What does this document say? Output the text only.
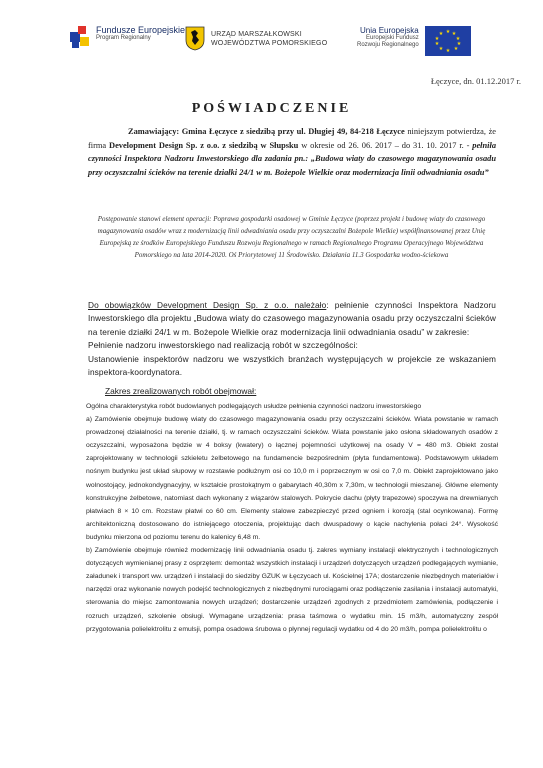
Fundusze Europejskie
Program Regionalny
URZĄD MARSZAŁKOWSKI
WOJEWÓDZTWA POMORSKIEGO
Unia Europejska
Europejski Fundusz
Rozwoju Regionalnego
★ ★
★
★
★
★
★
★
★
★
Łęczyce, dn. 01.12.2017 r.
POŚWIADCZENIE
Zamawiający: Gmina Łęczyce z siedzibą przy ul. Długiej 49, 84-218 Łęczyce niniejszym potwierdza, że firma Development Design Sp. z o.o. z siedzibą w Słupsku w okresie od 26. 06. 2017 – do 31. 10. 2017 r. - pełniła czynności Inspektora Nadzoru Inwestorskiego dla zadania pn.: „Budowa wiaty do czasowego magazynowania osadu przy oczyszczalni ścieków na terenie działki 24/1 w m. Bożepole Wielkie oraz modernizacja linii odwadniania osadu”
Postępowanie stanowi element operacji: Poprawa gospodarki osadowej w Gminie Łęczyce (poprzez projekt i budowę wiaty do czasowego magazynowania osadów wraz z modernizacją linii odwadniania osadu przy oczyszczalni Bożepole Wielkie) współfinansowanej przez Unię Europejską ze środków Europejskiego Funduszu Rozwoju Regionalnego w ramach Regionalnego Programu Operacyjnego Województwa Pomorskiego na lata 2014-2020. Oś Priorytetowej 11 Środowisko. Działania 11.3 Gospodarka wodno-ściekowa
Do obowiązków Development Design Sp. z o.o. należało: pełnienie czynności Inspektora Nadzoru Inwestorskiego dla projektu „Budowa wiaty do czasowego magazynowania osadu przy oczyszczalni ścieków na terenie działki 24/1 w m. Bożepole Wielkie oraz modernizacja linii odwadniania osadu” w zakresie:
Pełnienie nadzoru inwestorskiego nad realizacją robót w szczególności:
Ustanowienie inspektorów nadzoru we wszystkich branżach występujących w projekcie ze wskazaniem inspektora-koordynatora.
Zakres zrealizowanych robót obejmował:

Ogólna charakterystyka robót budowlanych podlegających usłudze pełnienia czynności nadzoru inwestorskiego

a) Zamówienie obejmuje budowę wiaty do czasowego magazynowania osadu przy oczyszczalni ścieków. Wiata powstanie w ramach prowadzonej działalności na terenie działki, tj. w ramach oczyszczalni ścieków. Wiata powstanie jako osłona składowanych osadów z oczyszczalni, wyposażona będzie w 4 boksy (kwatery) o łącznej pojemności użytkowej na osady V = 480 m3. Obiekt został zaprojektowany w technologii szkieletu żelbetowego na fundamencie bezpośrednim (płyta fundamentowa). Podstawowym układem nośnym budynku jest układ słupowy w rozstawie podłużnym osi co 10,0 m i poprzecznym w osi co 7,0 m. Obiekt zaprojektowano jako wolnostojący, jednokondygnacyjny, w kształcie prostokątnym o gabarytach 40,30m x 7,30m, w technologii mieszanej. Główne elementy konstrukcyjne żelbetowe, natomiast dach wykonany z wiązarów stalowych. Pokrycie dachu (płyty trapezowe) spoczywa na drewnianych płatwiach 8 × 10 cm. Rozstaw płatwi co 60 cm. Elementy stalowe zabezpieczyć przed ogniem i korozją (stal ocynkowana). Formę architektoniczną dostosowano do istniejącego otoczenia, projektując dach dwuspadowy o kącie nachylenia połaci 24°. Wysokość budynku mierzona od poziomu terenu do kalenicy 6,48 m.

b) Zamówienie obejmuje również modernizację linii odwadniania osadu tj. zakres wymiany instalacji elektrycznych i technologicznych dotyczących wymienianej prasy z osprzętem: demontaż wszystkich instalacji i urządzeń dotyczących urządzeń podlegających wymianie, załadunek i transport ww. urządzeń i instalacji do siedziby GZUK w Łęczycach ul. Kościelnej 17A; dostarczenie niezbędnych materiałów i narzędzi oraz wykonanie nowych podejść technologicznych z niezbędnymi rurociągami oraz podłączenie zasilania i instalacji automatyki, sterowania do miejsc zamontowania nowych urządzeń; dostarczenie urządzeń zgodnych z przedmiotem zamówienia, podłączenie i rozruch urządzeń, szkolenie obsługi. Wymagane urządzenia: prasa taśmowa o wydatku min. 15 m3/h, automatyczny zespół przygotowania polielektrolitu z emulsji, pompa osadowa śrubowa o płynnej regulacji wydatku od 4 do 20 m3/h, pompa polielektrolitu o
